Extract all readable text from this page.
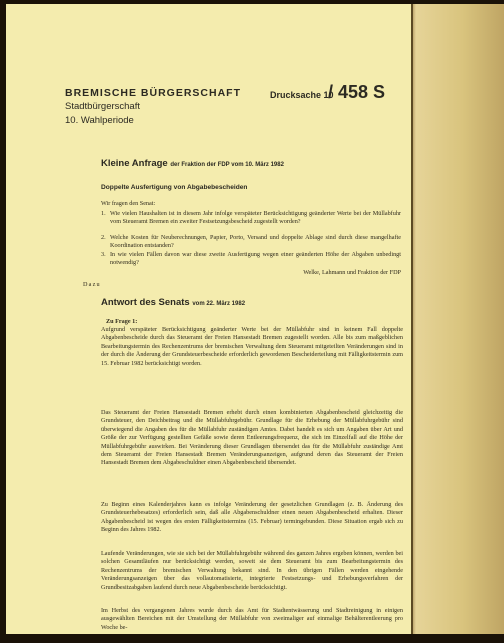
BREMISCHE BÜRGERSCHAFT
Stadtbürgerschaft
10. Wahlperiode
Drucksache 10
/ 458 S
Kleine Anfrage der Fraktion der FDP vom 10. März 1982
Doppelte Ausfertigung von Abgabebescheiden
Wir fragen den Senat:
1. Wie vielen Haushalten ist in diesem Jahr infolge verspäteter Berücksichtigung geänderter Werte bei der Müllabfuhr vom Steueramt Bremen ein zweiter Festsetzungsbescheid zugestellt worden?
2. Welche Kosten für Neuberechnungen, Papier, Porto, Versand und doppelte Ablage sind durch diese mangelhafte Koordination entstanden?
3. In wie vielen Fällen davon war diese zweite Ausfertigung wegen einer geänderten Höhe der Abgaben unbedingt notwendig?
Welke, Lahmann und Fraktion der FDP
Dazu
Antwort des Senats vom 22. März 1982
Zu Frage 1:
Aufgrund verspäteter Berücksichtigung geänderter Werte bei der Müllabfuhr sind in keinem Fall doppelte Abgabenbescheide durch das Steueramt der Freien Hansestadt Bremen zugestellt worden. Alle bis zum maßgeblichen Bearbeitungstermin des Rechenzentrums der bremischen Verwaltung dem Steueramt mitgeteilten Veränderungen sind in der durch die Änderung der Grundsteuerbescheide erforderlich gewordenen Bescheiderteilung mit Fälligkeitstermin zum 15. Februar 1982 berücksichtigt worden.
Das Steueramt der Freien Hansestadt Bremen erhebt durch einen kombinierten Abgabenbescheid gleichzeitig die Grundsteuer, den Deichbeitrag und die Müllabfuhrgebühr. Grundlage für die Erhebung der Müllabfuhrgebühr sind überwiegend die Angaben des für die Müllabfuhr zuständigen Amtes. Dabei handelt es sich um Angaben über Art und Größe der zur Verfügung gestellten Gefäße sowie deren Entleerungsfrequenz, die sich im Einzelfall auf die Höhe der Müllabfuhrgebühr auswirken. Bei Veränderung dieser Grundlagen übersendet das für die Müllabfuhr zuständige Amt dem Steueramt der Freien Hansestadt Bremen Veränderungsanzeigen, aufgrund deren das Steueramt der Freien Hansestadt Bremen dem Abgabeschuldner einen Abgabenbescheid übersendet.
Zu Beginn eines Kalenderjahres kann es infolge Veränderung der gesetzlichen Grundlagen (z. B. Änderung des Grundsteuerhebesatzes) erforderlich sein, daß alle Abgabenschuldner einen neuen Abgabenbescheid erhalten. Dieser Abgabenbescheid ist wegen des ersten Fälligkeitstermins (15. Februar) termingebunden. Diese Situation ergab sich zu Beginn des Jahres 1982.
Laufende Veränderungen, wie sie sich bei der Müllabfuhrgebühr während des ganzen Jahres ergeben können, werden bei solchen Gesamtläufen nur berücksichtigt werden, soweit sie dem Steueramt bis zum Bearbeitungstermin des Rechenzentrums der bremischen Verwaltung bekannt sind. In den übrigen Fällen werden eingehende Veränderungsanzeigen über das vollautomatisierte, integrierte Festsetzungs- und Erhebungsverfahren der Grundbesitzabgaben laufend durch neue Abgabenbescheide berücksichtigt.
Im Herbst des vergangenen Jahres wurde durch das Amt für Stadtentwässerung und Stadtreinigung in einigen ausgewählten Bereichen mit der Umstellung der Müllabfuhr von zweimaliger auf einmalige Behälterentleerung pro Woche be-
